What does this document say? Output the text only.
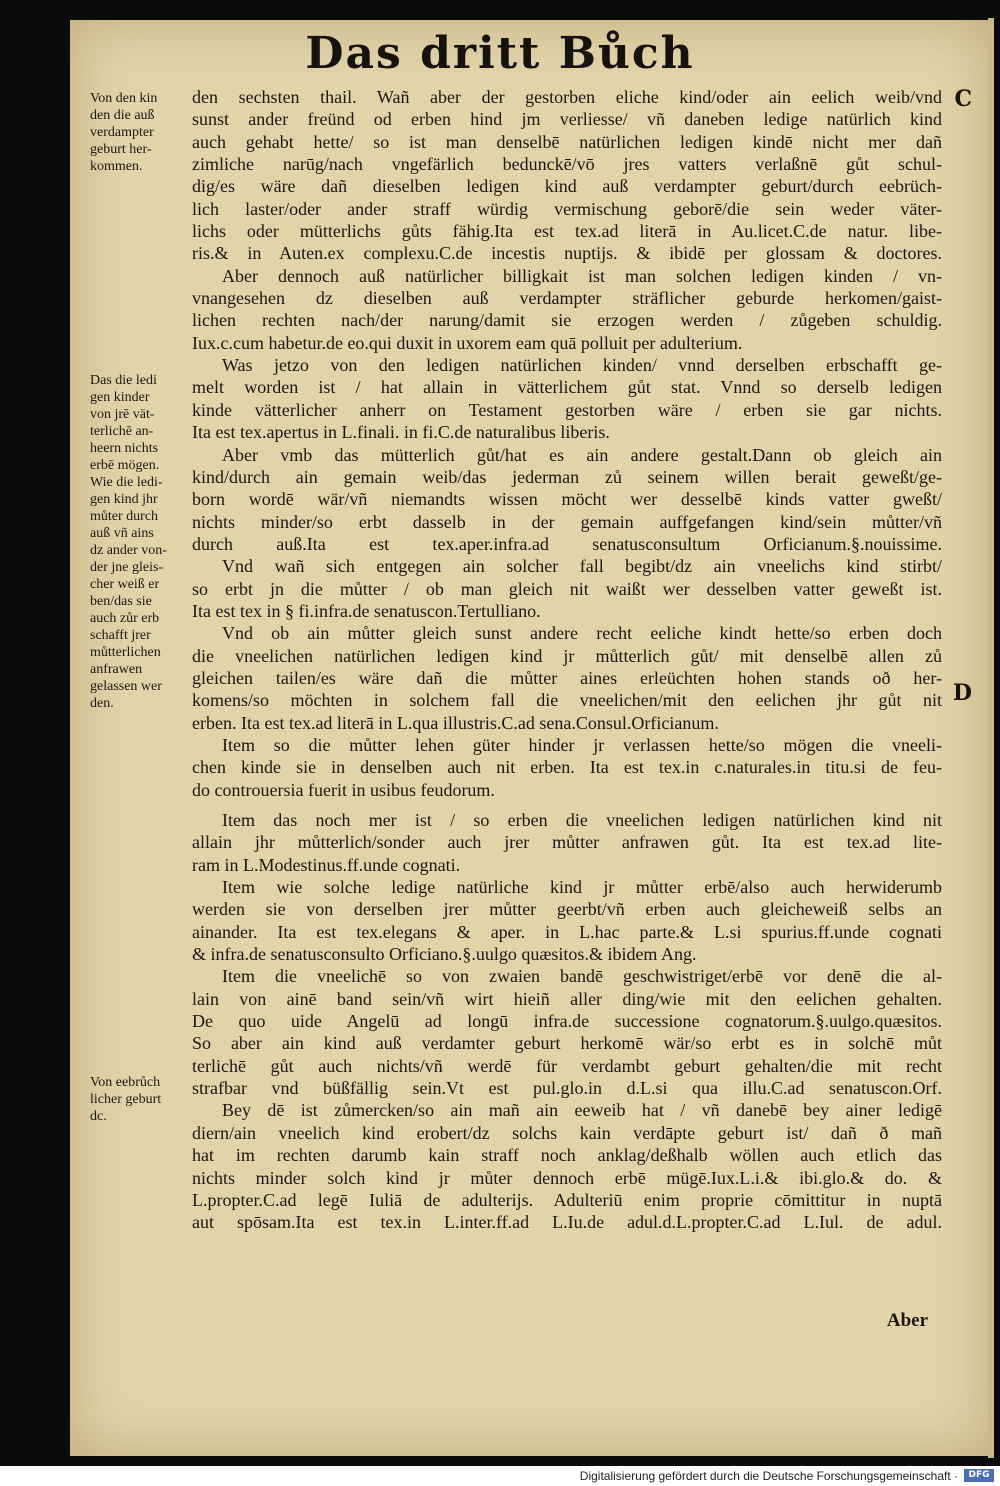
Das dritt Bůch
C
D
Von den kin
den die auß
verdampter
geburt her-
kommen.
Das die ledi
gen kinder
von jrē vät-
terlichē an-
heern nichts
erbē mögen.
Wie die ledi-
gen kind jhr
můter durch
auß vñ ains
dz ander von-
der jne gleis-
cher weiß er
ben/das sie
auch zůr erb
schafft jrer
můtterlichen
anfrawen
gelassen wer
den.
Von eebrůch
licher geburt
dc.
den sechsten thail. Wañ aber der gestorben eliche kind/oder ain eelich weib/vnd
sunst ander freünd od erben hind jm verliesse/ vñ daneben ledige natürlich kind
auch gehabt hette/ so ist man denselbē natürlichen ledigen kindē nicht mer dañ
zimliche narūg/nach vngefärlich bedunckē/vō jres vatters verlaßnē gůt schul-
dig/es wäre dañ dieselben ledigen kind auß verdampter geburt/durch eebrüch-
lich laster/oder ander straff würdig vermischung geborē/die sein weder väter-
lichs oder mütterlichs gůts fähig.Ita est tex.ad literā in Au.licet.C.de natur. libe-
ris.& in Auten.ex complexu.C.de incestis nuptijs. & ibidē per glossam & doctores.
Aber dennoch auß natürlicher billigkait ist man solchen ledigen kinden / vn-
vnangesehen dz dieselben auß verdampter sträflicher geburde herkomen/gaist-
lichen rechten nach/der narung/damit sie erzogen werden / zůgeben schuldig.
Iux.c.cum habetur.de eo.qui duxit in uxorem eam quā polluit per adulterium.
Was jetzo von den ledigen natürlichen kinden/ vnnd derselben erbschafft ge-
melt worden ist / hat allain in vätterlichem gůt stat. Vnnd so derselb ledigen
kinde vätterlicher anherr on Testament gestorben wäre / erben sie gar nichts.
Ita est tex.apertus in L.finali. in fi.C.de naturalibus liberis.
Aber vmb das mütterlich gůt/hat es ain andere gestalt.Dann ob gleich ain
kind/durch ain gemain weib/das jederman zů seinem willen berait geweßt/ge-
born wordē wär/vñ niemandts wissen möcht wer desselbē kinds vatter gweßt/
nichts minder/so erbt dasselb in der gemain auffgefangen kind/sein můtter/vñ
durch auß.Ita est tex.aper.infra.ad senatusconsultum Orficianum.§.nouissime.
Vnd wañ sich entgegen ain solcher fall begibt/dz ain vneelichs kind stirbt/
so erbt jn die můtter / ob man gleich nit waißt wer desselben vatter geweßt ist.
Ita est tex in § fi.infra.de senatuscon.Tertulliano.
Vnd ob ain můtter gleich sunst andere recht eeliche kindt hette/so erben doch
die vneelichen natürlichen ledigen kind jr můtterlich gůt/ mit denselbē allen zů
gleichen tailen/es wäre dañ die můtter aines erleüchten hohen stands oð her-
komens/so möchten in solchem fall die vneelichen/mit den eelichen jhr gůt nit
erben. Ita est tex.ad literā in L.qua illustris.C.ad sena.Consul.Orficianum.
Item so die můtter lehen güter hinder jr verlassen hette/so mögen die vneeli-
chen kinde sie in denselben auch nit erben. Ita est tex.in c.naturales.in titu.si de feu-
do controuersia fuerit in usibus feudorum.
Item das noch mer ist / so erben die vneelichen ledigen natürlichen kind nit
allain jhr můtterlich/sonder auch jrer můtter anfrawen gůt. Ita est tex.ad lite-
ram in L.Modestinus.ff.unde cognati.
Item wie solche ledige natürliche kind jr můtter erbē/also auch herwiderumb
werden sie von derselben jrer můtter geerbt/vñ erben auch gleicheweiß selbs an
ainander. Ita est tex.elegans & aper. in L.hac parte.& L.si spurius.ff.unde cognati
& infra.de senatusconsulto Orficiano.§.uulgo quæsitos.& ibidem Ang.
Item die vneelichē so von zwaien bandē geschwistriget/erbē vor denē die al-
lain von ainē band sein/vñ wirt hieiñ aller ding/wie mit den eelichen gehalten.
De quo uide Angelū ad longū infra.de successione cognatorum.§.uulgo.quæsitos.
So aber ain kind auß verdamter geburt herkomē wär/so erbt es in solchē můt
terlichē gůt auch nichts/vñ werdē für verdambt geburt gehalten/die mit recht
strafbar vnd büßfällig sein.Vt est pul.glo.in d.L.si qua illu.C.ad senatuscon.Orf.
Bey dē ist zůmercken/so ain mañ ain eeweib hat / vñ danebē bey ainer ledigē
diern/ain vneelich kind erobert/dz solchs kain verdāpte geburt ist/ dañ ð mañ
hat im rechten darumb kain straff noch anklag/deßhalb wöllen auch etlich das
nichts minder solch kind jr můter dennoch erbē mügē.Iux.L.i.& ibi.glo.& do. &
L.propter.C.ad legē Iuliā de adulterijs. Adulteriū enim proprie cōmittitur in nuptā
aut spōsam.Ita est tex.in L.inter.ff.ad L.Iu.de adul.d.L.propter.C.ad L.Iul. de adul.
Aber
Digitalisierung gefördert durch die Deutsche Forschungsgemeinschaft ·	DFG
